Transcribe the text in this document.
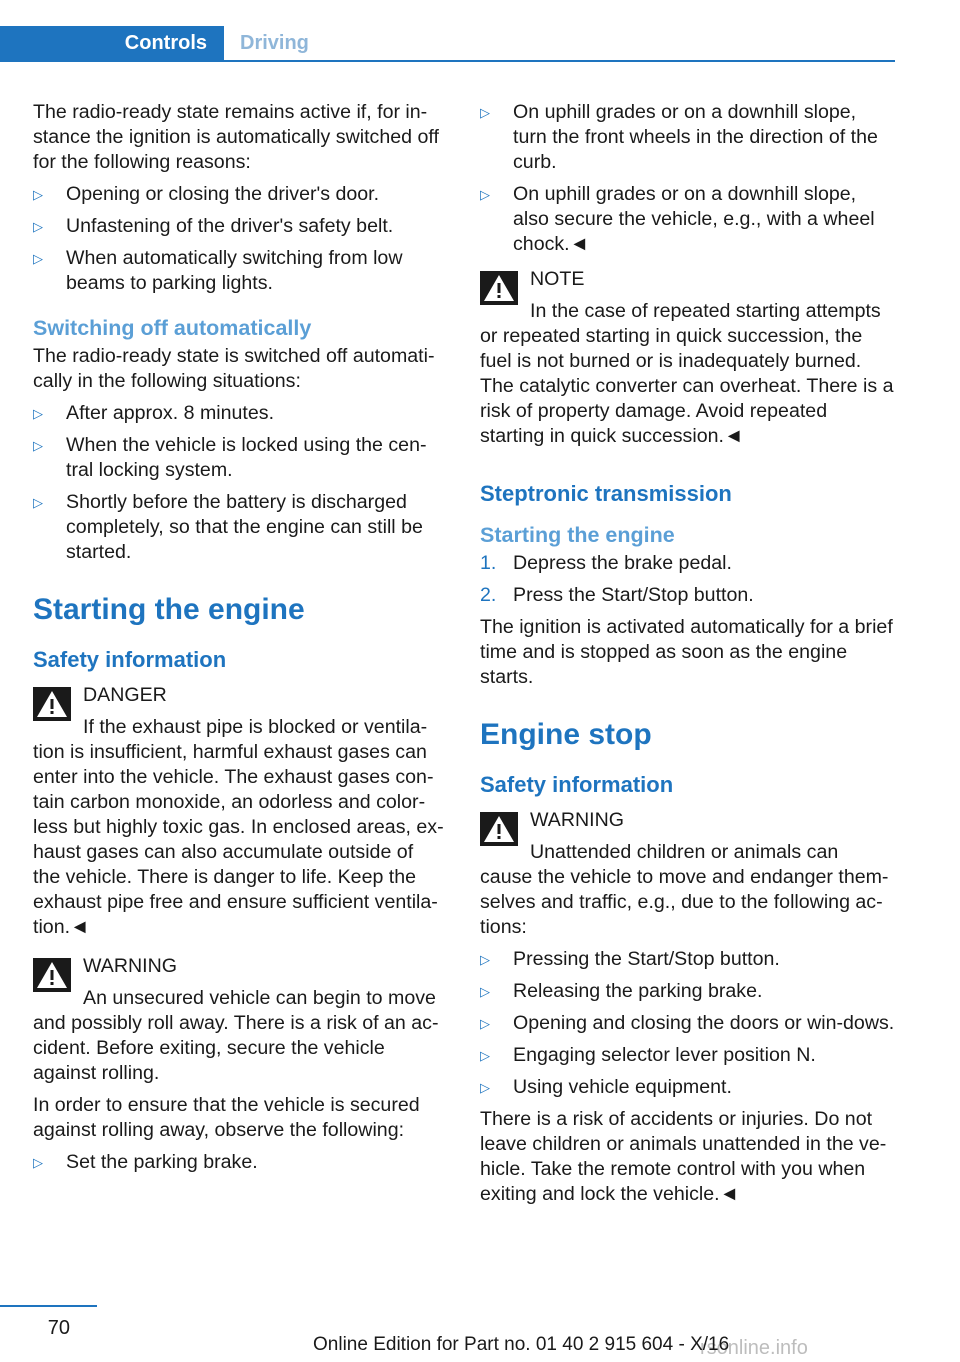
Controls	Driving

The radio-ready state remains active if, for in-stance the ignition is automatically switched off for the following reasons:

▷	Opening or closing the driver's door.
▷	Unfastening of the driver's safety belt.
▷	When automatically switching from low beams to parking lights.
Switching off automatically

The radio-ready state is switched off automati-cally in the following situations:

▷	After approx. 8 minutes.
▷	When the vehicle is locked using the cen-tral locking system.
▷	Shortly before the battery is discharged completely, so that the engine can still be started.
Starting the engine
Safety information
DANGER
If the exhaust pipe is blocked or ventila-
tion is insufficient, harmful exhaust gases can enter into the vehicle. The exhaust gases con-tain carbon monoxide, an odorless and color-less but highly toxic gas. In enclosed areas, ex-haust gases can also accumulate outside of the vehicle. There is danger to life. Keep the exhaust pipe free and ensure sufficient ventila-tion.◄
WARNING
An unsecured vehicle can begin to move
and possibly roll away. There is a risk of an ac-cident. Before exiting, secure the vehicle against rolling.

In order to ensure that the vehicle is secured against rolling away, observe the following:

▷	Set the parking brake.
▷	On uphill grades or on a downhill slope, turn the front wheels in the direction of the curb.
▷	On uphill grades or on a downhill slope, also secure the vehicle, e.g., with a wheel chock.◄
NOTE
In the case of repeated starting attempts
or repeated starting in quick succession, the fuel is not burned or is inadequately burned. The catalytic converter can overheat. There is a risk of property damage. Avoid repeated starting in quick succession.◄
Steptronic transmission
Starting the engine
1. Depress the brake pedal.
2. Press the Start/Stop button.

The ignition is activated automatically for a brief time and is stopped as soon as the engine starts.

Engine stop
Safety information
WARNING
Unattended children or animals can
cause the vehicle to move and endanger them-selves and traffic, e.g., due to the following ac-tions:
▷	Pressing the Start/Stop button.
▷	Releasing the parking brake.
▷	Opening and closing the doors or win-dows.
▷	Engaging selector lever position N.
▷	Using vehicle equipment.

There is a risk of accidents or injuries. Do not leave children or animals unattended in the ve-hicle. Take the remote control with you when exiting and lock the vehicle.◄

70
rsonline.info
Online Edition for Part no. 01 40 2 915 604 - X/16
